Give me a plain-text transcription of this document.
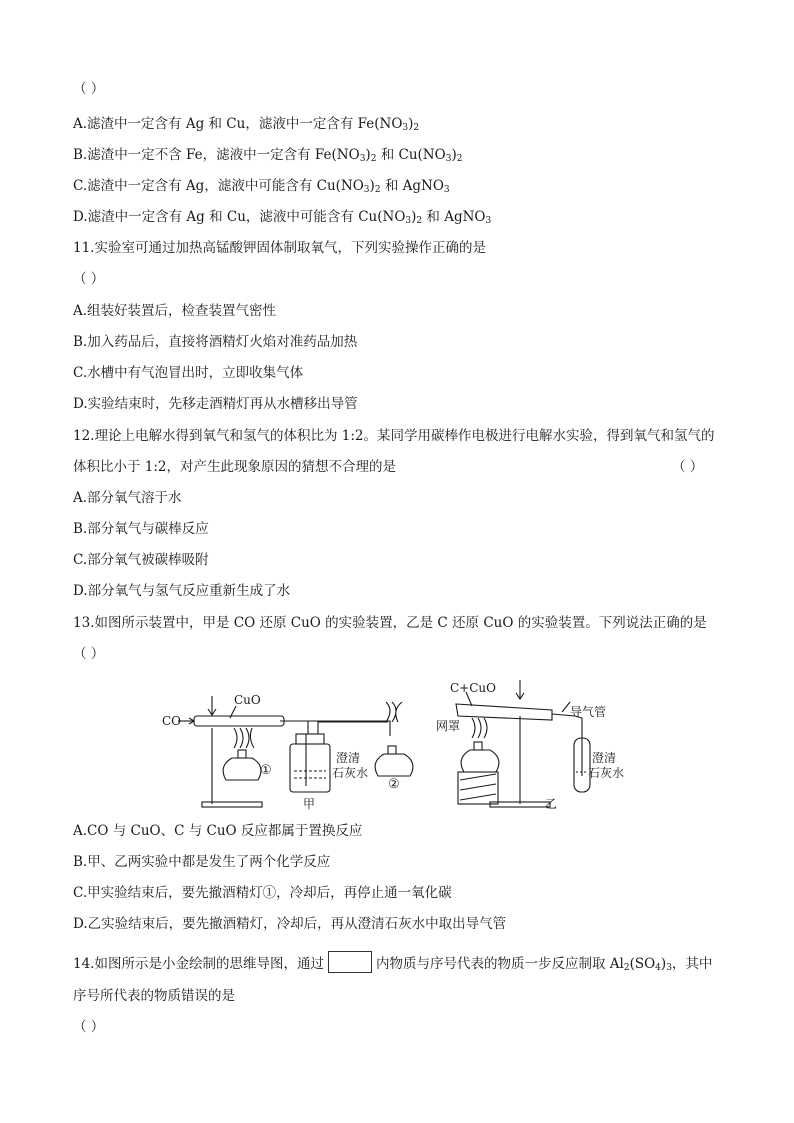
（ ）
A.滤渣中一定含有 Ag 和 Cu，滤液中一定含有 $Fe(NO_3)_2$
B.滤渣中一定不含 Fe，滤液中一定含有 $Fe(NO_3)_2$ 和 $Cu(NO_3)_2$
C.滤渣中一定含有 Ag，滤液中可能含有 $Cu(NO_3)_2$ 和 AgNO$_3$
D.滤渣中一定含有 Ag 和 Cu，滤液中可能含有 $Cu(NO_3)_2$ 和 AgNO$_3$
11.实验室可通过加热高锰酸钾固体制取氧气，下列实验操作正确的是
（ ）
A.组装好装置后，检查装置气密性
B.加入药品后，直接将酒精灯火焰对准药品加热
C.水槽中有气泡冒出时，立即收集气体
D.实验结束时，先移走酒精灯再从水槽移出导管
12.理论上电解水得到氧气和氢气的体积比为 1:2。某同学用碳棒作电极进行电解水实验，得到氧气和氢气的
体积比小于 1:2，对产生此现象原因的猜想不合理的是	（ ）
A.部分氧气溶于水
B.部分氧气与碳棒反应
C.部分氧气被碳棒吸附
D.部分氧气与氢气反应重新生成了水
13.如图所示装置中，甲是 CO 还原 CuO 的实验装置，乙是 C 还原 CuO 的实验装置。下列说法正确的是
（ ）
CO
CuO
①
澄清
石灰水
②
甲
C+CuO
网罩
导气管
澄清
石灰水
乙
A.CO 与 CuO、C 与 CuO 反应都属于置换反应
B.甲、乙两实验中都是发生了两个化学反应
C.甲实验结束后，要先撤酒精灯①，冷却后，再停止通一氧化碳
D.乙实验结束后，要先撤酒精灯，冷却后，再从澄清石灰水中取出导气管
14.如图所示是小金绘制的思维导图，通过	内物质与序号代表的物质一步反应制取 $Al_2(SO_4)_3$，其中
序号所代表的物质错误的是
（ ）
